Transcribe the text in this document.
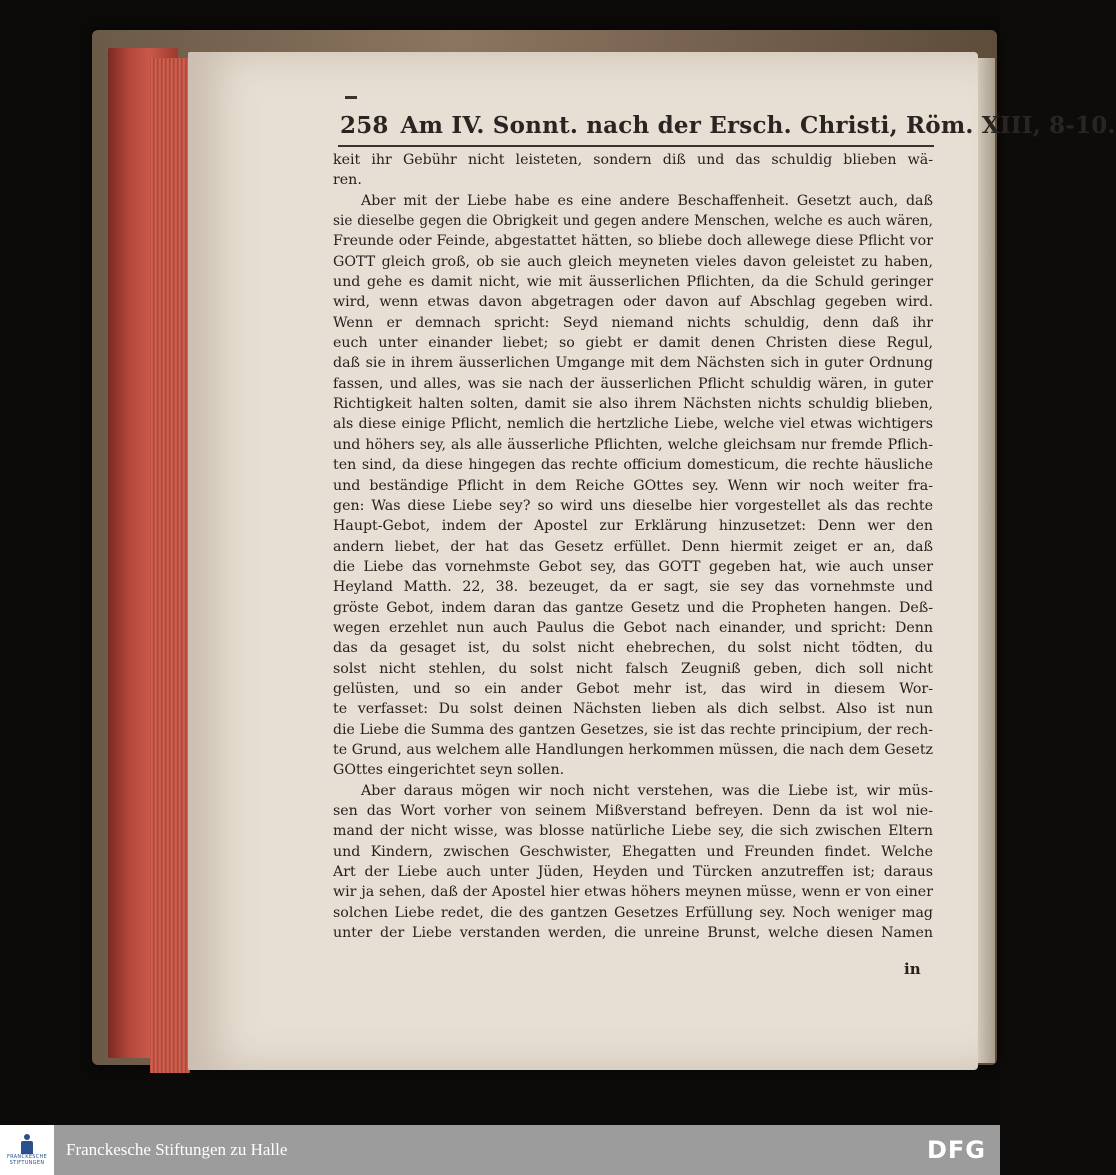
258 Am IV. Sonnt. nach der Ersch. Christi, Röm. XIII, 8-10.
keit ihr Gebühr nicht leisteten, sondern diß und das schuldig blieben wä-
ren.
Aber mit der Liebe habe es eine andere Beschaffenheit. Gesetzt auch, daß
sie dieselbe gegen die Obrigkeit und gegen andere Menschen, welche es auch wären,
Freunde oder Feinde, abgestattet hätten, so bliebe doch allewege diese Pflicht vor
GOTT gleich groß, ob sie auch gleich meyneten vieles davon geleistet zu haben,
und gehe es damit nicht, wie mit äusserlichen Pflichten, da die Schuld geringer
wird, wenn etwas davon abgetragen oder davon auf Abschlag gegeben wird.
Wenn er demnach spricht: Seyd niemand nichts schuldig, denn daß ihr
euch unter einander liebet; so giebt er damit denen Christen diese Regul,
daß sie in ihrem äusserlichen Umgange mit dem Nächsten sich in guter Ordnung
fassen, und alles, was sie nach der äusserlichen Pflicht schuldig wären, in guter
Richtigkeit halten solten, damit sie also ihrem Nächsten nichts schuldig blieben,
als diese einige Pflicht, nemlich die hertzliche Liebe, welche viel etwas wichtigers
und höhers sey, als alle äusserliche Pflichten, welche gleichsam nur fremde Pflich-
ten sind, da diese hingegen das rechte officium domesticum, die rechte häusliche
und beständige Pflicht in dem Reiche GOttes sey. Wenn wir noch weiter fra-
gen: Was diese Liebe sey? so wird uns dieselbe hier vorgestellet als das rechte
Haupt-Gebot, indem der Apostel zur Erklärung hinzusetzet: Denn wer den
andern liebet, der hat das Gesetz erfüllet. Denn hiermit zeiget er an, daß
die Liebe das vornehmste Gebot sey, das GOTT gegeben hat, wie auch unser
Heyland Matth. 22, 38. bezeuget, da er sagt, sie sey das vornehmste und
gröste Gebot, indem daran das gantze Gesetz und die Propheten hangen. Deß-
wegen erzehlet nun auch Paulus die Gebot nach einander, und spricht: Denn
das da gesaget ist, du solst nicht ehebrechen, du solst nicht tödten, du
solst nicht stehlen, du solst nicht falsch Zeugniß geben, dich soll nicht
gelüsten, und so ein ander Gebot mehr ist, das wird in diesem Wor-
te verfasset: Du solst deinen Nächsten lieben als dich selbst. Also ist nun
die Liebe die Summa des gantzen Gesetzes, sie ist das rechte principium, der rech-
te Grund, aus welchem alle Handlungen herkommen müssen, die nach dem Gesetz
GOttes eingerichtet seyn sollen.
Aber daraus mögen wir noch nicht verstehen, was die Liebe ist, wir müs-
sen das Wort vorher von seinem Mißverstand befreyen. Denn da ist wol nie-
mand der nicht wisse, was blosse natürliche Liebe sey, die sich zwischen Eltern
und Kindern, zwischen Geschwister, Ehegatten und Freunden findet. Welche
Art der Liebe auch unter Jüden, Heyden und Türcken anzutreffen ist; daraus
wir ja sehen, daß der Apostel hier etwas höhers meynen müsse, wenn er von einer
solchen Liebe redet, die des gantzen Gesetzes Erfüllung sey. Noch weniger mag
unter der Liebe verstanden werden, die unreine Brunst, welche diesen Namen
in
FRANCKESCHE
STIFTUNGEN
Franckesche Stiftungen zu Halle	DFG
